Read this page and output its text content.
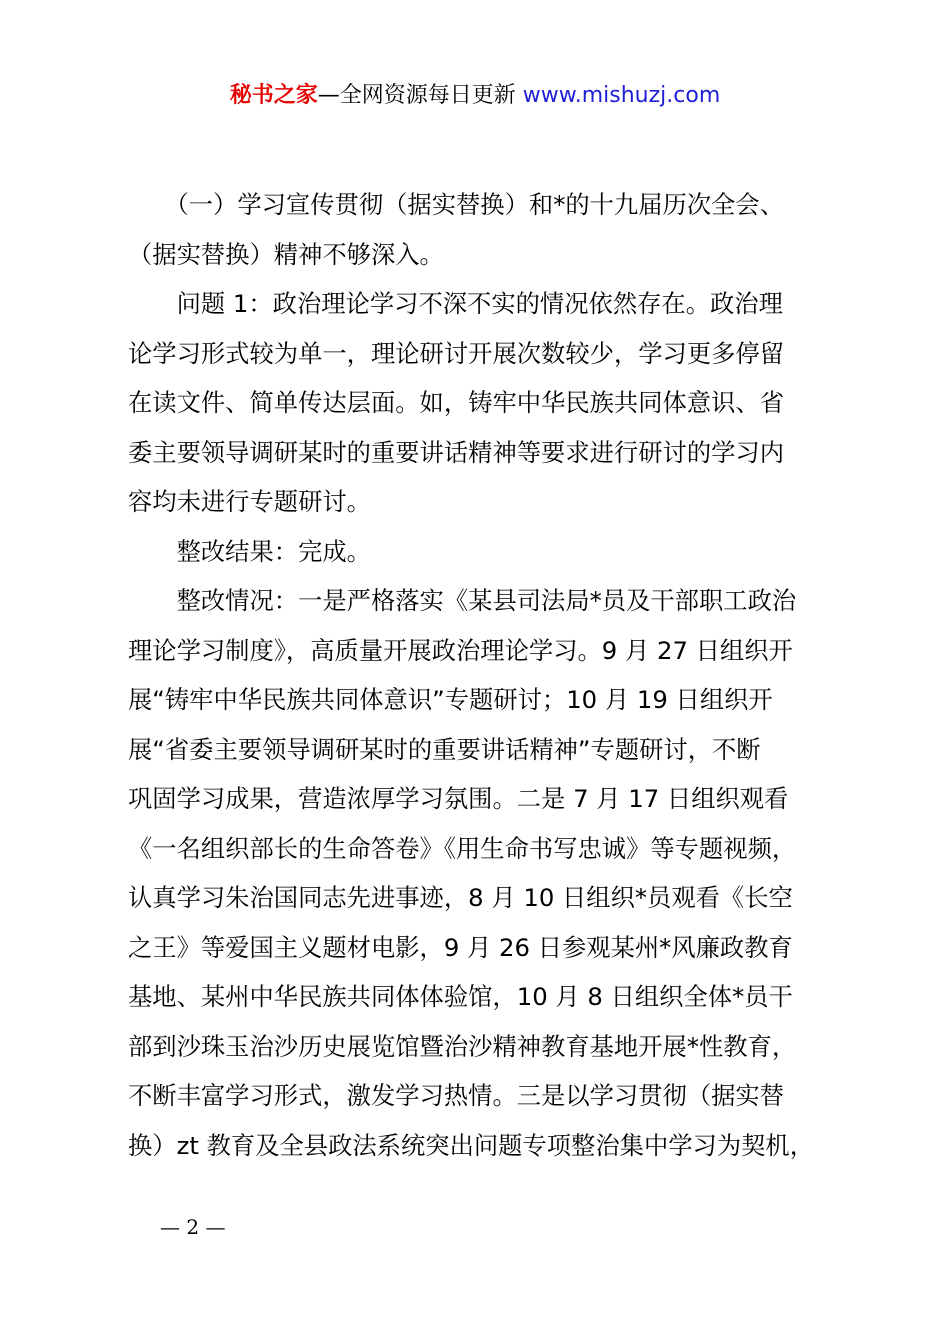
秘书之家—全网资源每日更新 www.mishuzj.com
　　（一）学习宣传贯彻（据实替换）和*的十九届历次全会、
（据实替换）精神不够深入。
　　问题 1：政治理论学习不深不实的情况依然存在。政治理
论学习形式较为单一，理论研讨开展次数较少，学习更多停留
在读文件、简单传达层面。如，铸牢中华民族共同体意识、省
委主要领导调研某时的重要讲话精神等要求进行研讨的学习内
容均未进行专题研讨。
　　整改结果：完成。
　　整改情况：一是严格落实《某县司法局*员及干部职工政治
理论学习制度》，高质量开展政治理论学习。9 月 27 日组织开
展“铸牢中华民族共同体意识”专题研讨；10 月 19 日组织开
展“省委主要领导调研某时的重要讲话精神”专题研讨，不断
巩固学习成果，营造浓厚学习氛围。二是 7 月 17 日组织观看
《一名组织部长的生命答卷》《用生命书写忠诚》等专题视频，
认真学习朱治国同志先进事迹，8 月 10 日组织*员观看《长空
之王》等爱国主义题材电影，9 月 26 日参观某州*风廉政教育
基地、某州中华民族共同体体验馆，10 月 8 日组织全体*员干
部到沙珠玉治沙历史展览馆暨治沙精神教育基地开展*性教育，
不断丰富学习形式，激发学习热情。三是以学习贯彻（据实替
换）zt 教育及全县政法系统突出问题专项整治集中学习为契机，
— 2 —
